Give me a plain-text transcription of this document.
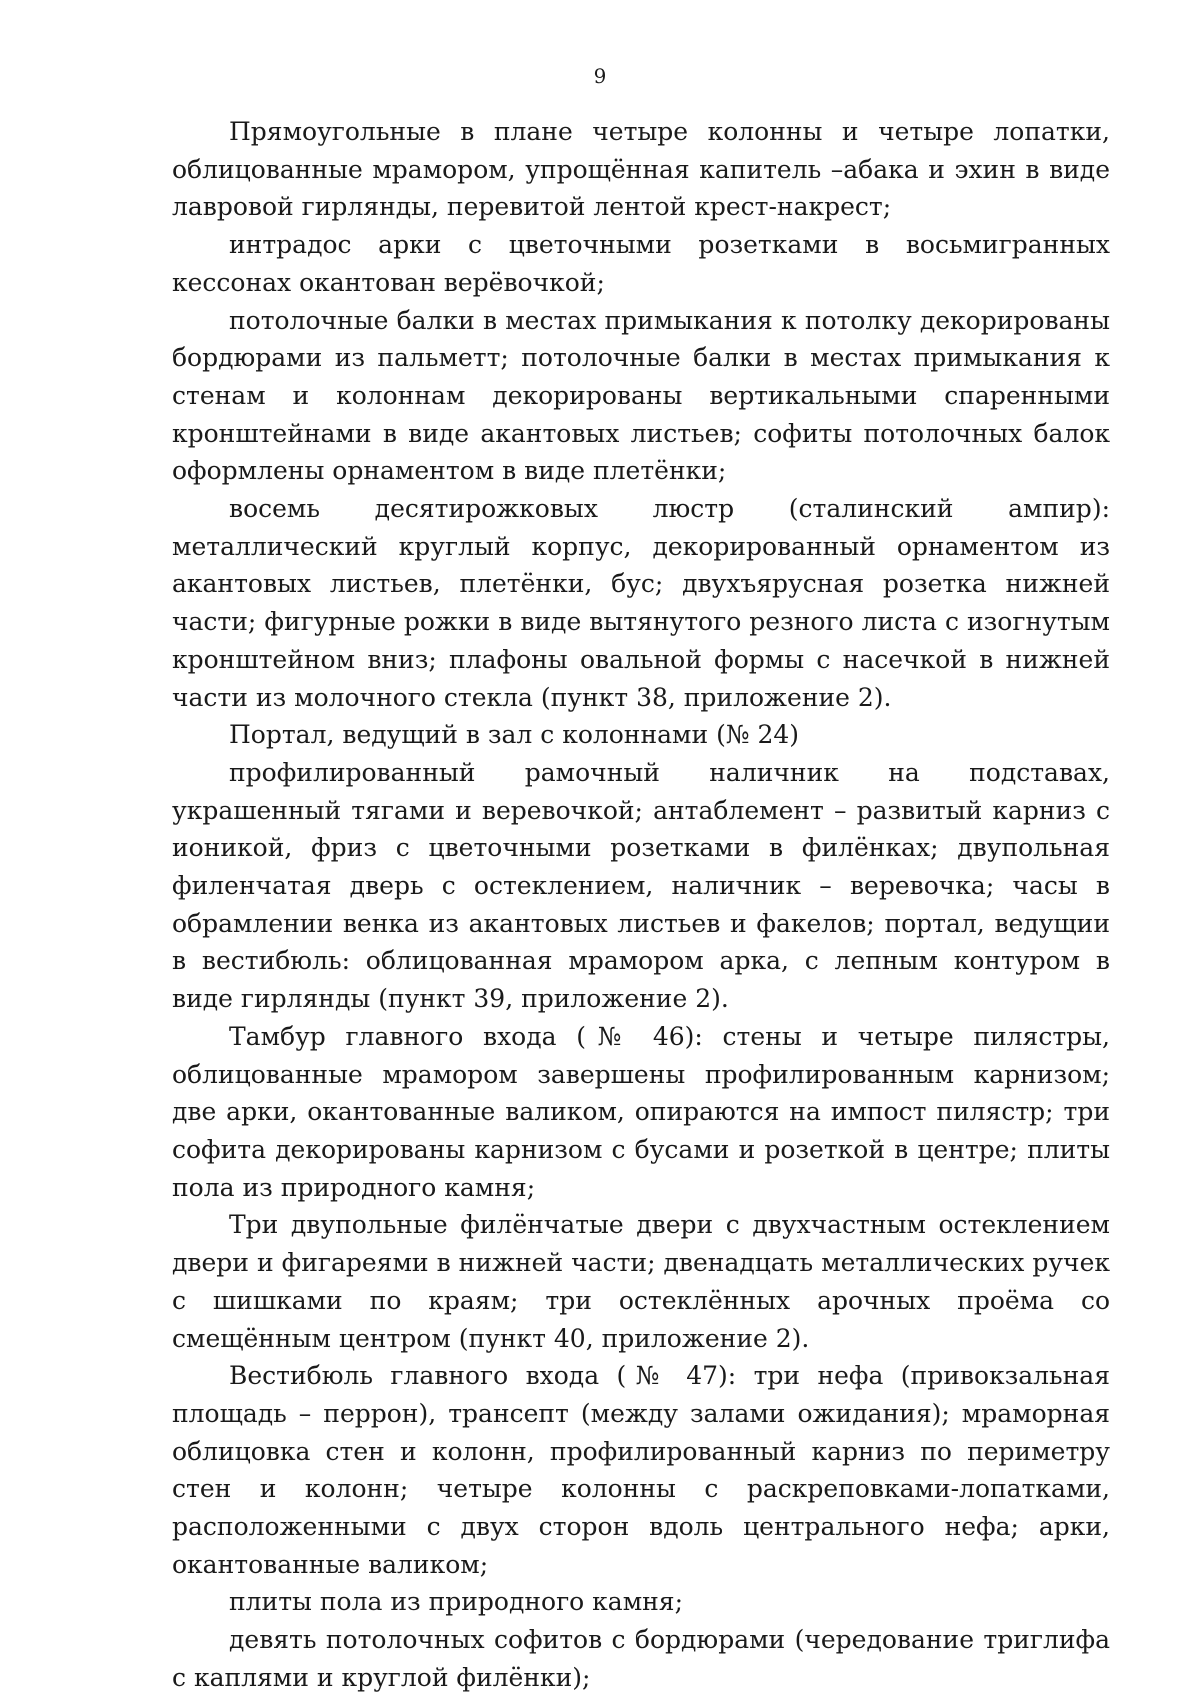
9

Прямоугольные в плане четыре колонны и четыре лопатки, облицованные мрамором, упрощённая капитель –абака и эхин в виде лавровой гирлянды, перевитой лентой крест-накрест;

интрадос арки с цветочными розетками в восьмигранных кессонах окантован верёвочкой;

потолочные балки в местах примыкания к потолку декорированы бордюрами из пальметт; потолочные балки в местах примыкания к стенам и колоннам декорированы вертикальными спаренными кронштейнами в виде акантовых листьев; софиты потолочных балок оформлены орнаментом в виде плетёнки;

восемь десятирожковых люстр (сталинский ампир): металлический круглый корпус, декорированный орнаментом из акантовых листьев, плетёнки, бус; двухъярусная розетка нижней части; фигурные рожки в виде вытянутого резного листа с изогнутым кронштейном вниз; плафоны овальной формы с насечкой в нижней части из молочного стекла (пункт 38, приложение 2).

Портал, ведущий в зал с колоннами (№ 24)

профилированный рамочный наличник на подставах, украшенный тягами и веревочкой; антаблемент – развитый карниз с ионикой, фриз с цветочными розетками в филёнках; двупольная филенчатая дверь с остеклением, наличник – веревочка; часы в обрамлении венка из акантовых листьев и факелов; портал, ведущии в вестибюль: облицованная мрамором арка, с лепным контуром в виде гирлянды (пункт 39, приложение 2).

Тамбур главного входа (№ 46): стены и четыре пилястры, облицованные мрамором завершены профилированным карнизом; две арки, окантованные валиком, опираются на импост пилястр; три софита декорированы карнизом с бусами и розеткой в центре; плиты пола из природного камня;

Три двупольные филёнчатые двери с двухчастным остеклением двери и фигареями в нижней части; двенадцать металлических ручек с шишками по краям; три остеклённых арочных проёма со смещённым центром (пункт 40, приложение 2).

Вестибюль главного входа (№ 47): три нефа (привокзальная площадь – перрон), трансепт (между залами ожидания); мраморная облицовка стен и колонн, профилированный карниз по периметру стен и колонн; четыре колонны с раскреповками-лопатками, расположенными с двух сторон вдоль центрального нефа; арки, окантованные валиком;

плиты пола из природного камня;

девять потолочных софитов с бордюрами (чередование триглифа с каплями и круглой филёнки);
